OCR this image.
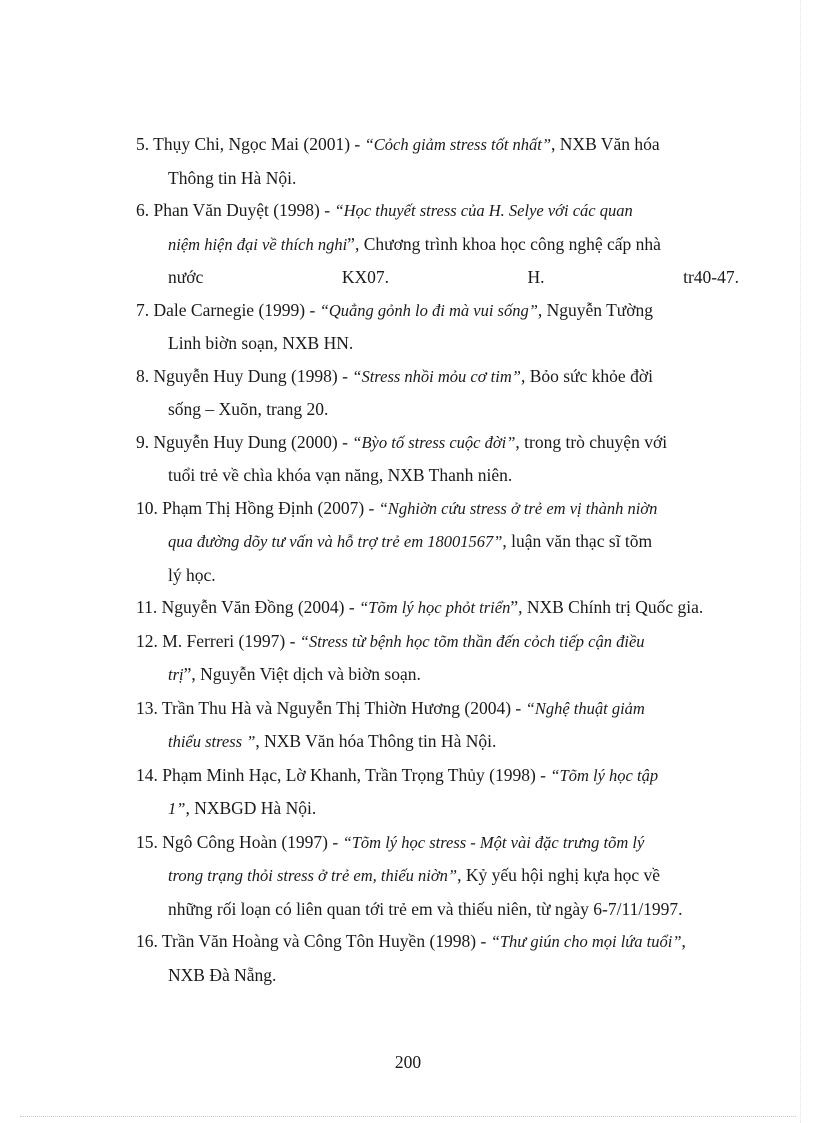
5. Thụy Chi, Ngọc Mai (2001) - “Cỏch giảm stress tốt nhất”, NXB Văn hóa
Thông tin Hà Nội.

6. Phan Văn Duyệt (1998) - “Học thuyết stress của H. Selye với các quan
niệm hiện đại về thích nghi”, Chương trình khoa học công nghệ cấp nhà
nước	KX07.	H.	tr40-47.

7. Dale Carnegie (1999) - “Quẳng gỏnh lo đi mà vui sống”, Nguyễn Tường
Linh biờn soạn, NXB HN.

8. Nguyễn Huy Dung (1998) - “Stress nhồi mỏu cơ tim”, Bỏo sức khỏe đời
sống – Xuõn, trang 20.

9. Nguyễn Huy Dung (2000) - “Bỳo tố stress cuộc đời”, trong trò chuyện với
tuổi trẻ về chìa khóa vạn năng, NXB Thanh niên.

10. Phạm Thị Hồng Định (2007) - “Nghiờn cứu stress ở trẻ em vị thành niờn
qua đường dõy tư vấn và hỗ trợ trẻ em 18001567”, luận văn thạc sĩ tõm
lý học.

11. Nguyễn Văn Đồng (2004) - “Tõm lý học phỏt triển”, NXB Chính trị Quốc gia.

12. M. Ferreri (1997) - “Stress từ bệnh học tõm thần đến cỏch tiếp cận điều
trị”, Nguyễn Việt dịch và biờn soạn.

13. Trần Thu Hà và Nguyễn Thị Thiờn Hương (2004) - “Nghệ thuật giảm
thiểu stress ”, NXB Văn hóa Thông tin Hà Nội.

14. Phạm Minh Hạc, Lờ Khanh, Trần Trọng Thủy (1998) - “Tõm lý học tập
1”, NXBGD Hà Nội.

15. Ngô Công Hoàn (1997) - “Tõm lý học stress - Một vài đặc trưng tõm lý
trong trạng thỏi stress ở trẻ em, thiếu niờn”, Kỷ yếu hội nghị kựa học về
những rối loạn có liên quan tới trẻ em và thiếu niên, từ ngày 6-7/11/1997.

16. Trần Văn Hoàng và Công Tôn Huyền (1998) - “Thư giún cho mọi lứa tuổi”,
NXB Đà Nẵng.

200
